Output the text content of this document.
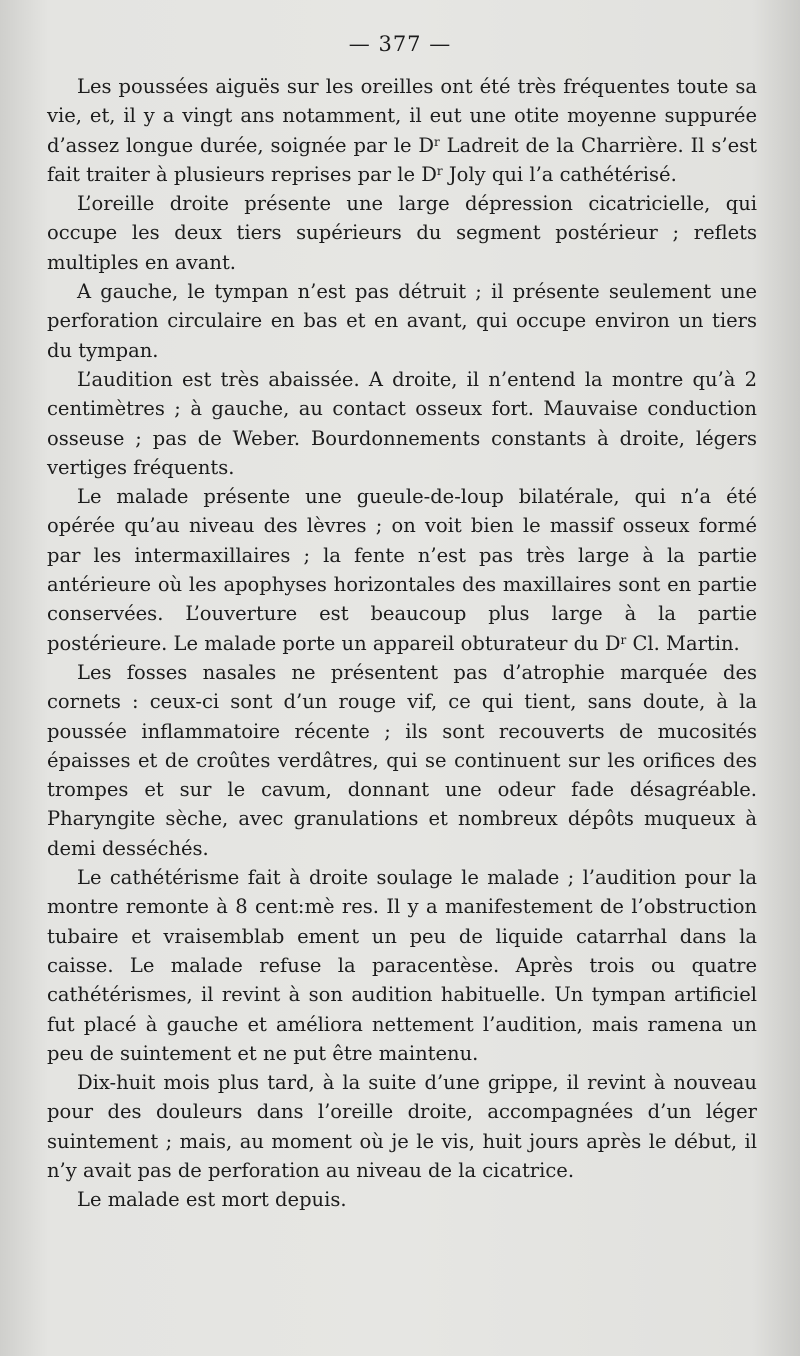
— 377 —

Les poussées aiguës sur les oreilles ont été très fréquentes toute sa vie, et, il y a vingt ans notamment, il eut une otite moyenne suppurée d’assez longue durée, soignée par le $D^r$ Ladreit de la Charrière. Il s’est fait traiter à plusieurs reprises par le $D^r$ Joly qui l’a cathétérisé.

L’oreille droite présente une large dépression cicatricielle, qui occupe les deux tiers supérieurs du segment postérieur ; reflets multiples en avant.

A gauche, le tympan n’est pas détruit ; il présente seulement une perforation circulaire en bas et en avant, qui occupe environ un tiers du tympan.

L’audition est très abaissée. A droite, il n’entend la montre qu’à 2 centimètres ; à gauche, au contact osseux fort. Mauvaise conduction osseuse ; pas de Weber. Bourdonnements constants à droite, légers vertiges fréquents.

Le malade présente une gueule-de-loup bilatérale, qui n’a été opérée qu’au niveau des lèvres ; on voit bien le massif osseux formé par les intermaxillaires ; la fente n’est pas très large à la partie antérieure où les apophyses horizontales des maxillaires sont en partie conservées. L’ouverture est beaucoup plus large à la partie postérieure. Le malade porte un appareil obturateur du $D^r$ Cl. Martin.

Les fosses nasales ne présentent pas d’atrophie marquée des cornets : ceux-ci sont d’un rouge vif, ce qui tient, sans doute, à la poussée inflammatoire récente ; ils sont recouverts de mucosités épaisses et de croûtes verdâtres, qui se continuent sur les orifices des trompes et sur le cavum, donnant une odeur fade désagréable. Pharyngite sèche, avec granulations et nombreux dépôts muqueux à demi desséchés.

Le cathétérisme fait à droite soulage le malade ; l’audition pour la montre remonte à 8 cent:mè res. Il y a manifestement de l’obstruction tubaire et vraisemblab ement un peu de liquide catarrhal dans la caisse. Le malade refuse la paracentèse. Après trois ou quatre cathétérismes, il revint à son audition habituelle. Un tympan artificiel fut placé à gauche et améliora nettement l’audition, mais ramena un peu de suintement et ne put être maintenu.

Dix-huit mois plus tard, à la suite d’une grippe, il revint à nouveau pour des douleurs dans l’oreille droite, accompagnées d’un léger suintement ; mais, au moment où je le vis, huit jours après le début, il n’y avait pas de perforation au niveau de la cicatrice.

Le malade est mort depuis.
